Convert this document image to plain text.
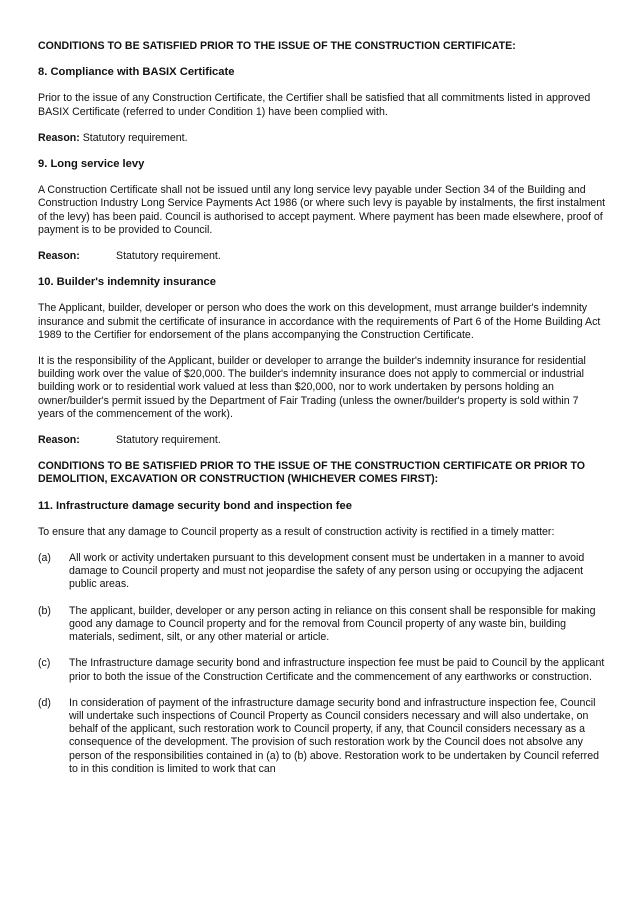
CONDITIONS TO BE SATISFIED PRIOR TO THE ISSUE OF THE CONSTRUCTION CERTIFICATE:

8. Compliance with BASIX Certificate

Prior to the issue of any Construction Certificate, the Certifier shall be satisfied that all commitments listed in approved BASIX Certificate (referred to under Condition 1) have been complied with.

Reason: Statutory requirement.

9. Long service levy

A Construction Certificate shall not be issued until any long service levy payable under Section 34 of the Building and Construction Industry Long Service Payments Act 1986 (or where such levy is payable by instalments, the first instalment of the levy) has been paid. Council is authorised to accept payment. Where payment has been made elsewhere, proof of payment is to be provided to Council.

Reason:	Statutory requirement.

10. Builder's indemnity insurance

The Applicant, builder, developer or person who does the work on this development, must arrange builder's indemnity insurance and submit the certificate of insurance in accordance with the requirements of Part 6 of the Home Building Act 1989 to the Certifier for endorsement of the plans accompanying the Construction Certificate.

It is the responsibility of the Applicant, builder or developer to arrange the builder's indemnity insurance for residential building work over the value of $20,000. The builder's indemnity insurance does not apply to commercial or industrial building work or to residential work valued at less than $20,000, nor to work undertaken by persons holding an owner/builder's permit issued by the Department of Fair Trading (unless the owner/builder's property is sold within 7 years of the commencement of the work).

Reason:	Statutory requirement.

CONDITIONS TO BE SATISFIED PRIOR TO THE ISSUE OF THE CONSTRUCTION CERTIFICATE OR PRIOR TO DEMOLITION, EXCAVATION OR CONSTRUCTION (WHICHEVER COMES FIRST):

11. Infrastructure damage security bond and inspection fee

To ensure that any damage to Council property as a result of construction activity is rectified in a timely matter:

(a)	All work or activity undertaken pursuant to this development consent must be undertaken in a manner to avoid damage to Council property and must not jeopardise the safety of any person using or occupying the adjacent public areas.
(b)	The applicant, builder, developer or any person acting in reliance on this consent shall be responsible for making good any damage to Council property and for the removal from Council property of any waste bin, building materials, sediment, silt, or any other material or article.
(c)	The Infrastructure damage security bond and infrastructure inspection fee must be paid to Council by the applicant prior to both the issue of the Construction Certificate and the commencement of any earthworks or construction.
(d)	In consideration of payment of the infrastructure damage security bond and infrastructure inspection fee, Council will undertake such inspections of Council Property as Council considers necessary and will also undertake, on behalf of the applicant, such restoration work to Council property, if any, that Council considers necessary as a consequence of the development. The provision of such restoration work by the Council does not absolve any person of the responsibilities contained in (a) to (b) above. Restoration work to be undertaken by Council referred to in this condition is limited to work that can
